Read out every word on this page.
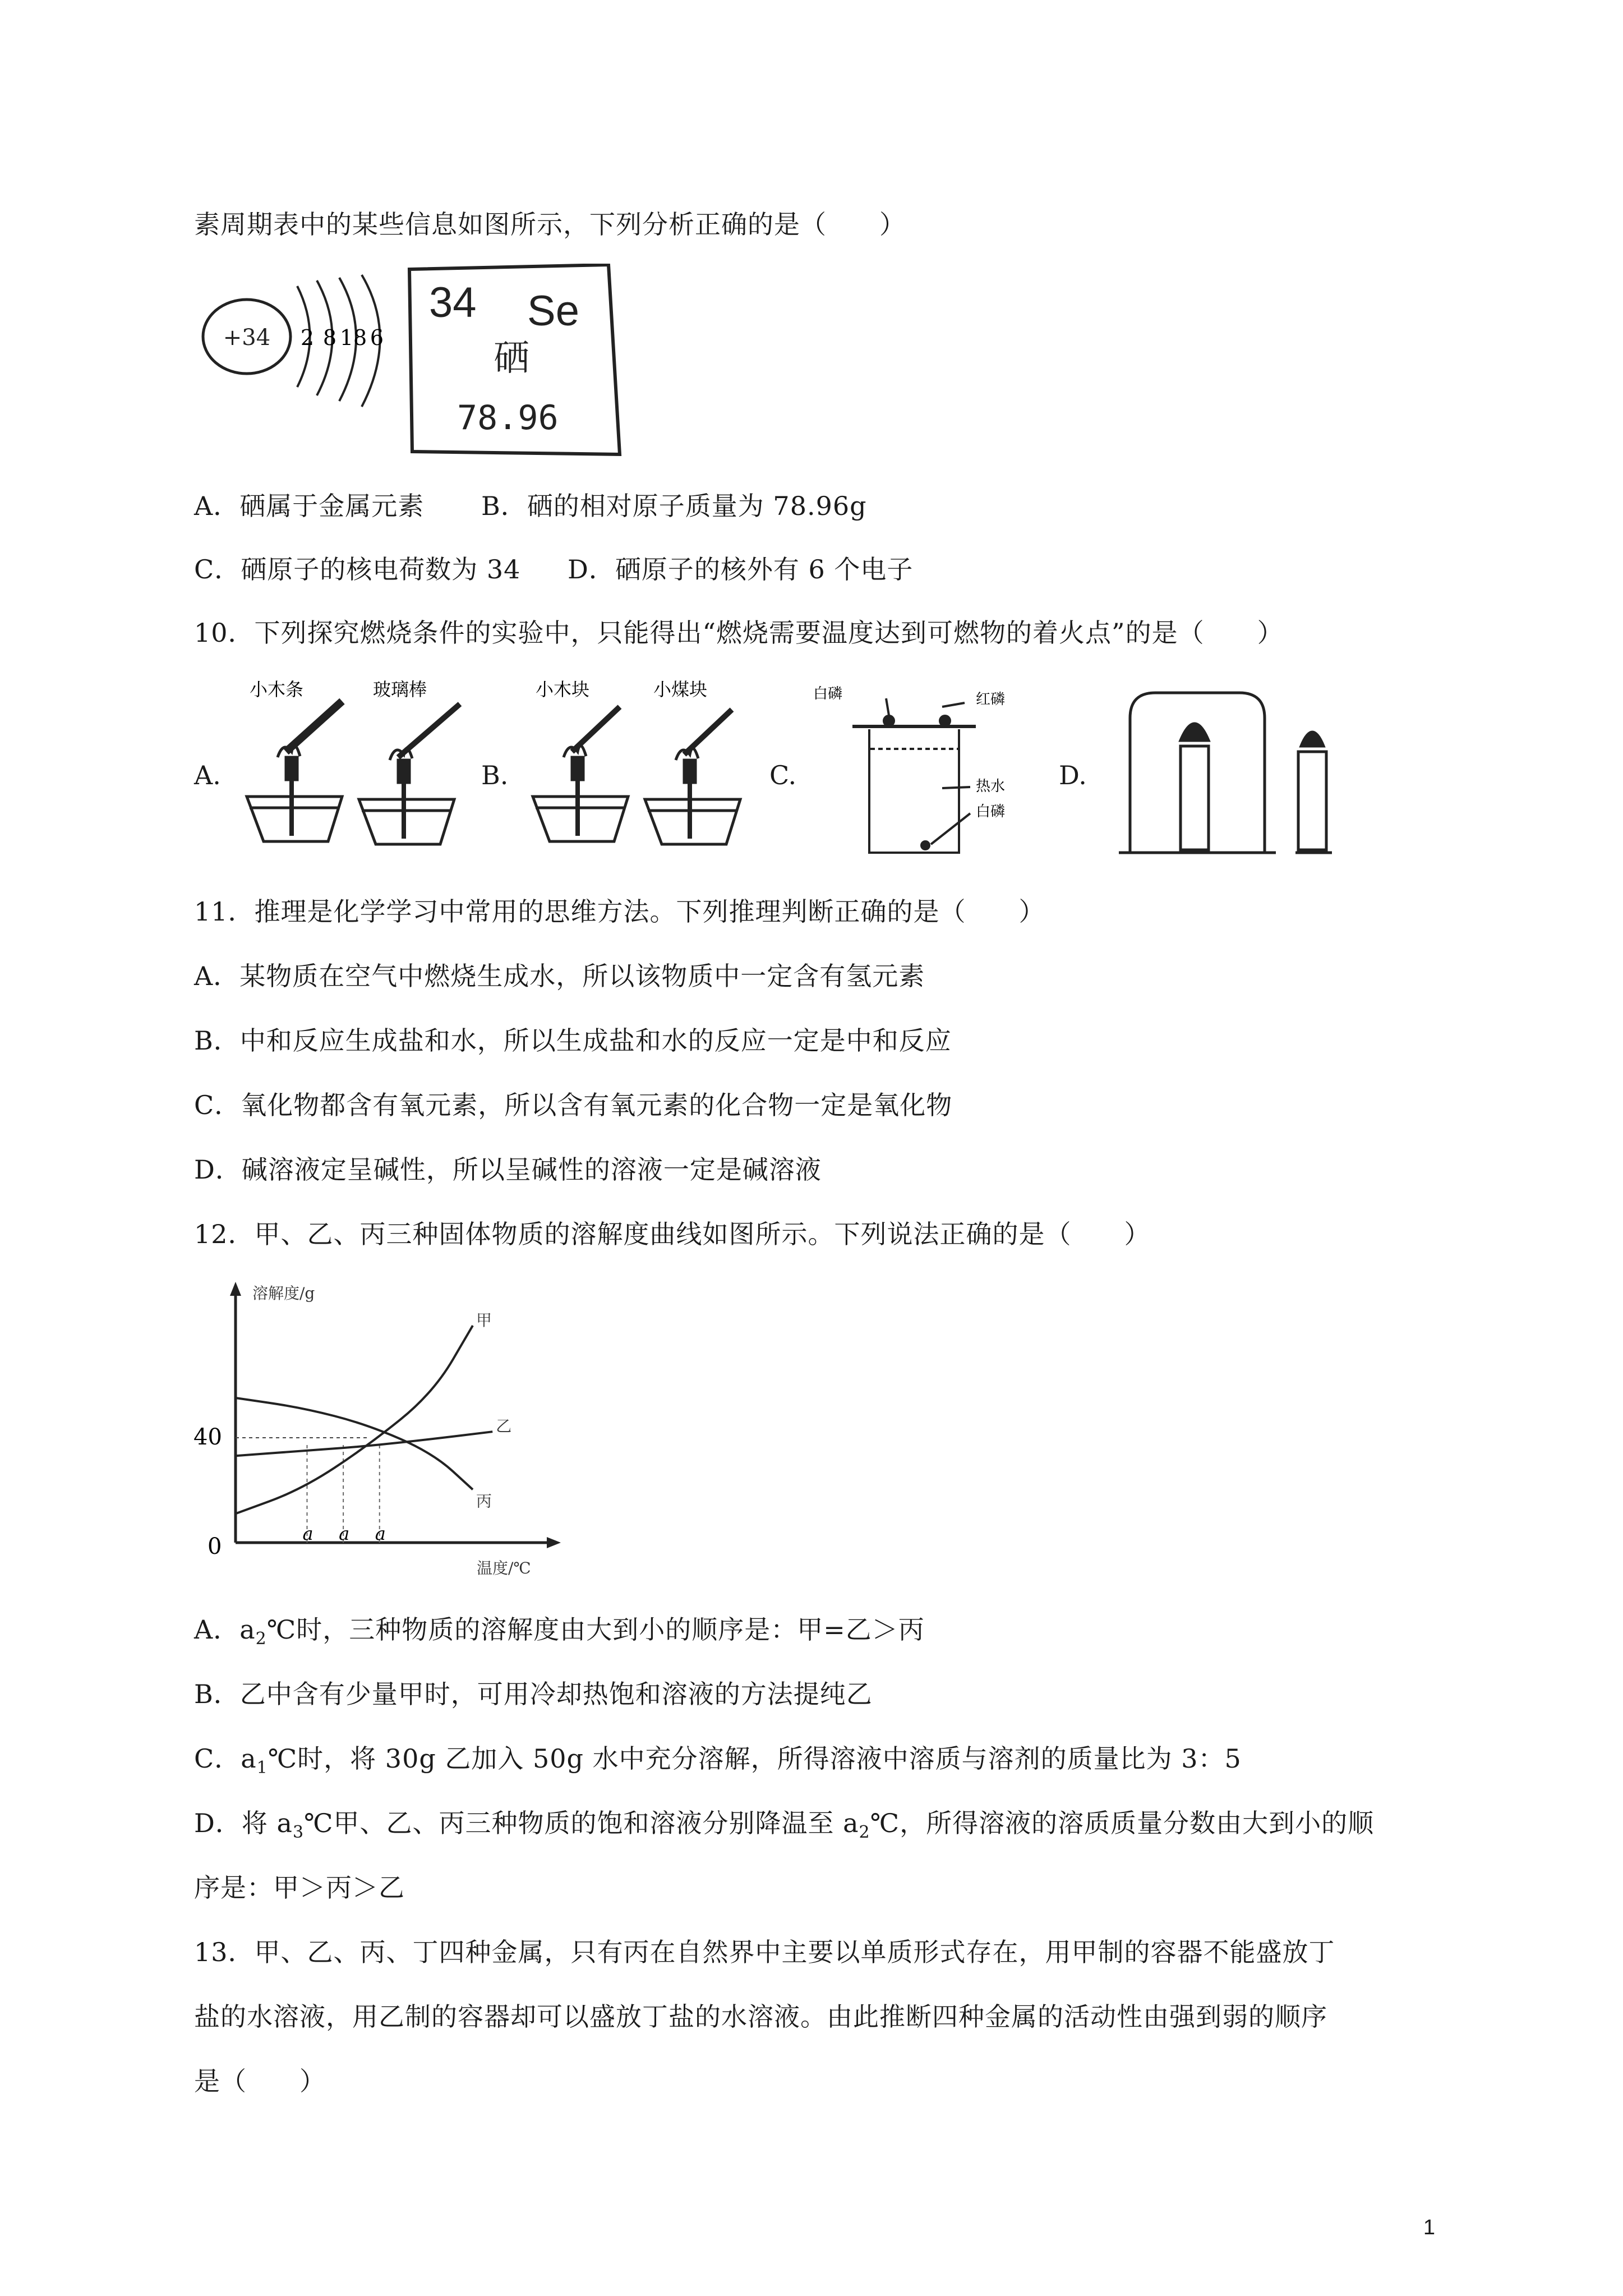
素周期表中的某些信息如图所示，下列分析正确的是（　　）
+34 2 8 18 6
34 Se
硒
78.96
A．硒属于金属元素 B．硒的相对原子质量为 78.96g
C．硒原子的核电荷数为 34 D．硒原子的核外有 6 个电子
10．下列探究燃烧条件的实验中，只能得出“燃烧需要温度达到可燃物的着火点”的是（　　）
A.	B.	C.	D.
小木条	玻璃棒	小木块	小煤块	白磷	红磷
热水
白磷
11．推理是化学学习中常用的思维方法。下列推理判断正确的是（　　）
A．某物质在空气中燃烧生成水，所以该物质中一定含有氢元素
B．中和反应生成盐和水，所以生成盐和水的反应一定是中和反应
C．氧化物都含有氧元素，所以含有氧元素的化合物一定是氧化物
D．碱溶液定呈碱性，所以呈碱性的溶液一定是碱溶液
12．甲、乙、丙三种固体物质的溶解度曲线如图所示。下列说法正确的是（　　）
溶解度/g
温度/℃
40
0	a a a
甲
乙
丙
A．$a_2℃$时，三种物质的溶解度由大到小的顺序是：甲=乙＞丙
B．乙中含有少量甲时，可用冷却热饱和溶液的方法提纯乙
C．$a_1℃$时，将 30g 乙加入 50g 水中充分溶解，所得溶液中溶质与溶剂的质量比为 3：5
D．将 $a_3℃$甲、乙、丙三种物质的饱和溶液分别降温至 $a_2℃$，所得溶液的溶质质量分数由大到小的顺
序是：甲＞丙＞乙
13．甲、乙、丙、丁四种金属，只有丙在自然界中主要以单质形式存在，用甲制的容器不能盛放丁
盐的水溶液，用乙制的容器却可以盛放丁盐的水溶液。由此推断四种金属的活动性由强到弱的顺序
是（　　）
1
